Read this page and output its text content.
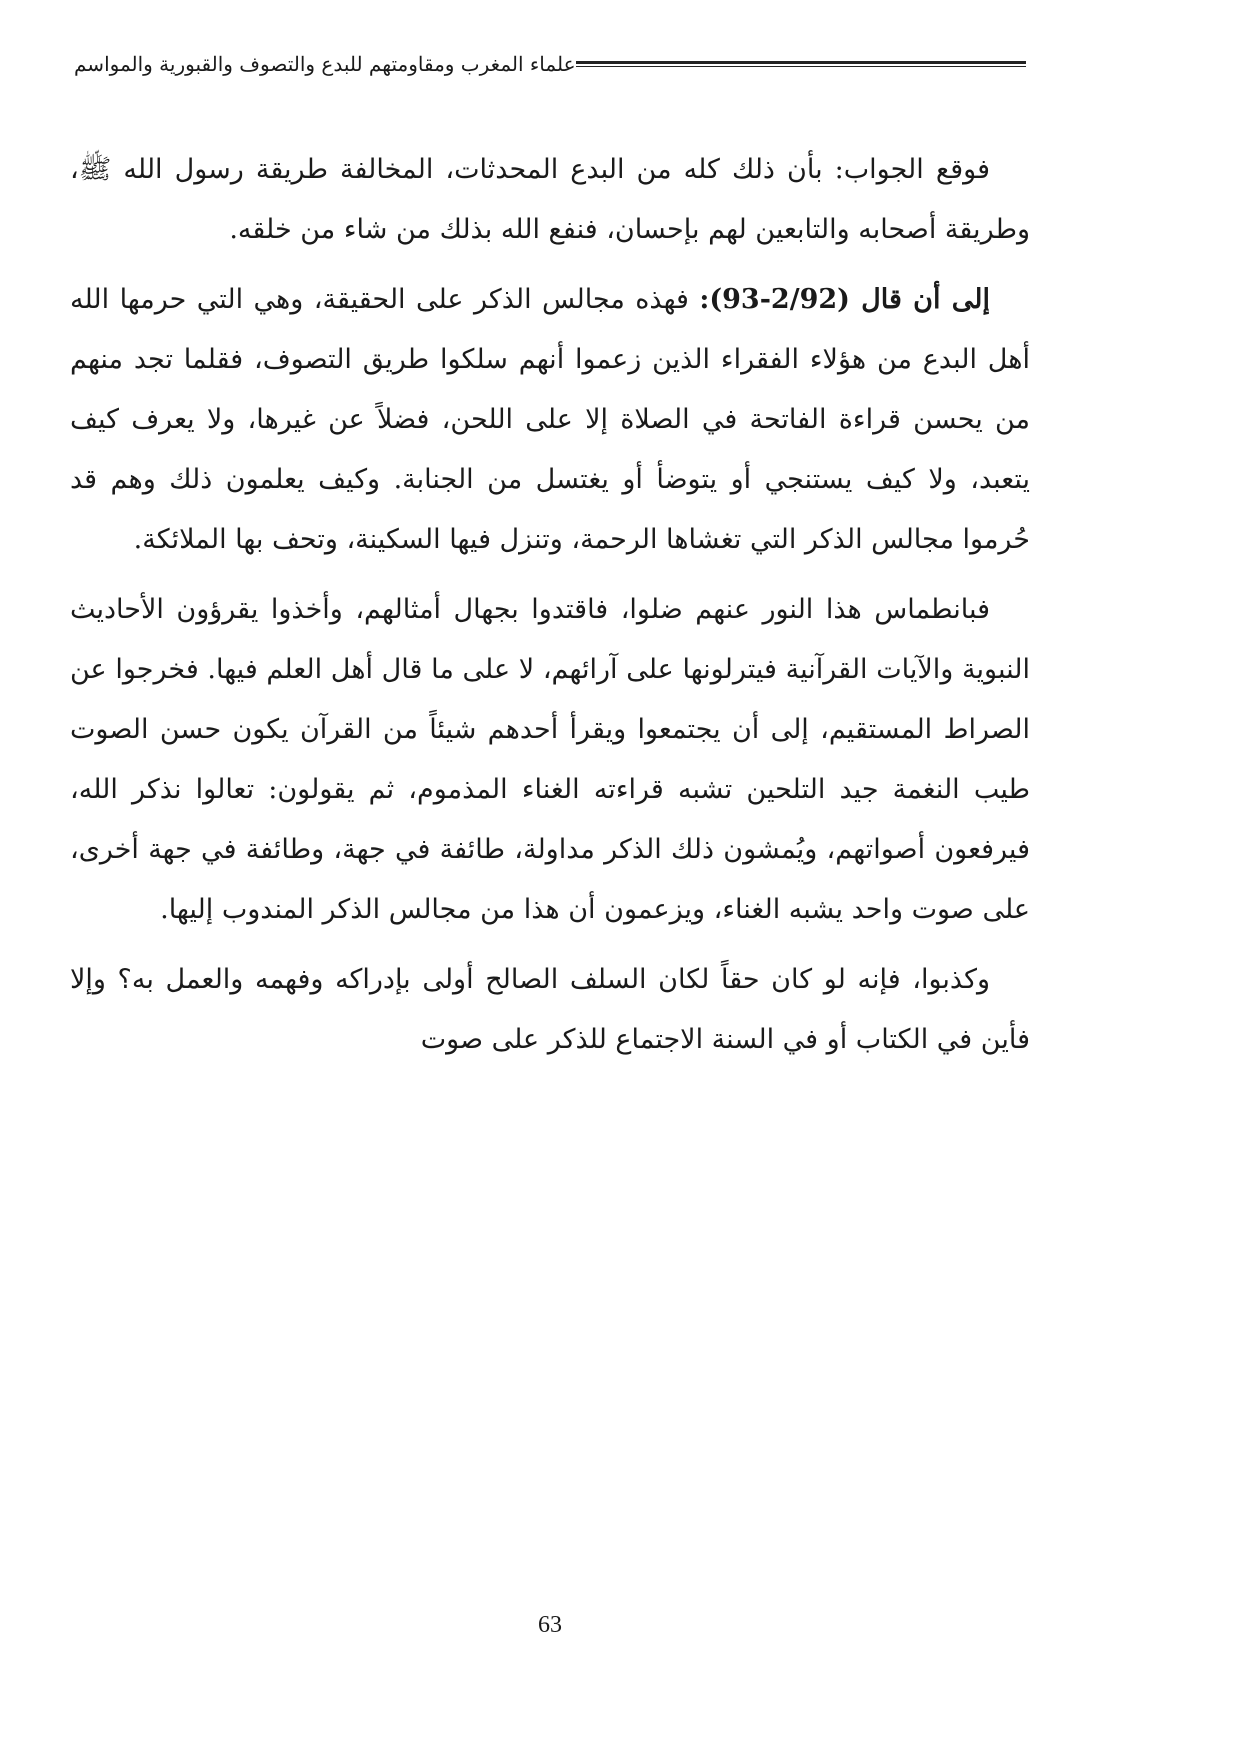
علماء المغرب ومقاومتهم للبدع والتصوف والقبورية والمواسم

فوقع الجواب: بأن ذلك كله من البدع المحدثات، المخالفة طريقة رسول الله ﷺ، وطريقة أصحابه والتابعين لهم بإحسان، فنفع الله بذلك من شاء من خلقه.

إلى أن قال (2/92-93): فهذه مجالس الذكر على الحقيقة، وهي التي حرمها الله أهل البدع من هؤلاء الفقراء الذين زعموا أنهم سلكوا طريق التصوف، فقلما تجد منهم من يحسن قراءة الفاتحة في الصلاة إلا على اللحن، فضلاً عن غيرها، ولا يعرف كيف يتعبد، ولا كيف يستنجي أو يتوضأ أو يغتسل من الجنابة. وكيف يعلمون ذلك وهم قد حُرموا مجالس الذكر التي تغشاها الرحمة، وتنزل فيها السكينة، وتحف بها الملائكة.

فبانطماس هذا النور عنهم ضلوا، فاقتدوا بجهال أمثالهم، وأخذوا يقرؤون الأحاديث النبوية والآيات القرآنية فيترلونها على آرائهم، لا على ما قال أهل العلم فيها. فخرجوا عن الصراط المستقيم، إلى أن يجتمعوا ويقرأ أحدهم شيئاً من القرآن يكون حسن الصوت طيب النغمة جيد التلحين تشبه قراءته الغناء المذموم، ثم يقولون: تعالوا نذكر الله، فيرفعون أصواتهم، ويُمشون ذلك الذكر مداولة، طائفة في جهة، وطائفة في جهة أخرى، على صوت واحد يشبه الغناء، ويزعمون أن هذا من مجالس الذكر المندوب إليها.

وكذبوا، فإنه لو كان حقاً لكان السلف الصالح أولى بإدراكه وفهمه والعمل به؟ وإلا فأين في الكتاب أو في السنة الاجتماع للذكر على صوت

63
